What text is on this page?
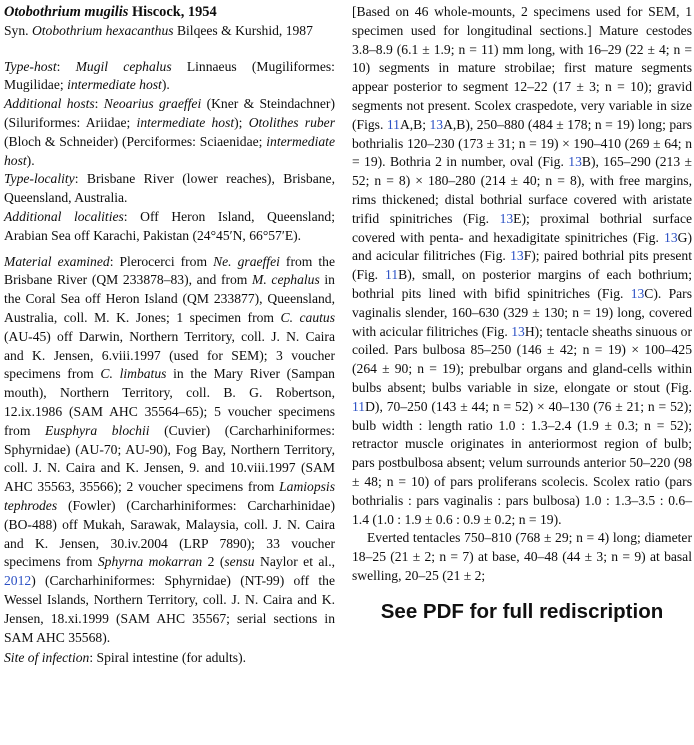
Otobothrium mugilis Hiscock, 1954

Syn. Otobothrium hexacanthus Bilqees & Kurshid, 1987

Type-host: Mugil cephalus Linnaeus (Mugiliformes: Mugilidae; intermediate host).

Additional hosts: Neoarius graeffei (Kner & Steindachner) (Siluriformes: Ariidae; intermediate host); Otolithes ruber (Bloch & Schneider) (Perciformes: Sciaenidae; intermediate host).

Type-locality: Brisbane River (lower reaches), Brisbane, Queensland, Australia.

Additional localities: Off Heron Island, Queensland; Arabian Sea off Karachi, Pakistan (24°45′N, 66°57′E).

Material examined: Plerocerci from Ne. graeffei from the Brisbane River (QM 233878–83), and from M. cephalus in the Coral Sea off Heron Island (QM 233877), Queensland, Australia, coll. M. K. Jones; 1 specimen from C. cautus (AU-45) off Darwin, Northern Territory, coll. J. N. Caira and K. Jensen, 6.viii.1997 (used for SEM); 3 voucher specimens from C. limbatus in the Mary River (Sampan mouth), Northern Territory, coll. B. G. Robertson, 12.ix.1986 (SAM AHC 35564–65); 5 voucher specimens from Eusphyra blochii (Cuvier) (Carcharhiniformes: Sphyrnidae) (AU-70; AU-90), Fog Bay, Northern Territory, coll. J. N. Caira and K. Jensen, 9. and 10.viii.1997 (SAM AHC 35563, 35566); 2 voucher specimens from Lamiopsis tephrodes (Fowler) (Carcharhiniformes: Carcharhinidae) (BO-488) off Mukah, Sarawak, Malaysia, coll. J. N. Caira and K. Jensen, 30.iv.2004 (LRP 7890); 33 voucher specimens from Sphyrna mokarran 2 (sensu Naylor et al., 2012) (Carcharhiniformes: Sphyrnidae) (NT-99) off the Wessel Islands, Northern Territory, coll. J. N. Caira and K. Jensen, 18.xi.1999 (SAM AHC 35567; serial sections in SAM AHC 35568).

Site of infection: Spiral intestine (for adults).

[Based on 46 whole-mounts, 2 specimens used for SEM, 1 specimen used for longitudinal sections.] Mature cestodes 3.8–8.9 (6.1 ± 1.9; n = 11) mm long, with 16–29 (22 ± 4; n = 10) segments in mature strobilae; first mature segments appear posterior to segment 12–22 (17 ± 3; n = 10); gravid segments not present. Scolex craspedote, very variable in size (Figs. 11A,B; 13A,B), 250–880 (484 ± 178; n = 19) long; pars bothrialis 120–230 (173 ± 31; n = 19) × 190–410 (269 ± 64; n = 19). Bothria 2 in number, oval (Fig. 13B), 165–290 (213 ± 52; n = 8) × 180–280 (214 ± 40; n = 8), with free margins, rims thickened; distal bothrial surface covered with aristate trifid spinitriches (Fig. 13E); proximal bothrial surface covered with penta- and hexadigitate spinitriches (Fig. 13G) and acicular filitriches (Fig. 13F); paired bothrial pits present (Fig. 11B), small, on posterior margins of each bothrium; bothrial pits lined with bifid spinitriches (Fig. 13C). Pars vaginalis slender, 160–630 (329 ± 130; n = 19) long, covered with acicular filitriches (Fig. 13H); tentacle sheaths sinuous or coiled. Pars bulbosa 85–250 (146 ± 42; n = 19) × 100–425 (264 ± 90; n = 19); prebulbar organs and gland-cells within bulbs absent; bulbs variable in size, elongate or stout (Fig. 11D), 70–250 (143 ± 44; n = 52) × 40–130 (76 ± 21; n = 52); bulb width : length ratio 1.0 : 1.3–2.4 (1.9 ± 0.3; n = 52); retractor muscle originates in anteriormost region of bulb; pars postbulbosa absent; velum surrounds anterior 50–220 (98 ± 48; n = 10) of pars proliferans scolecis. Scolex ratio (pars bothrialis : pars vaginalis : pars bulbosa) 1.0 : 1.3–3.5 : 0.6–1.4 (1.0 : 1.9 ± 0.6 : 0.9 ± 0.2; n = 19).

Everted tentacles 750–810 (768 ± 29; n = 4) long; diameter 18–25 (21 ± 2; n = 7) at base, 40–48 (44 ± 3; n = 9) at basal swelling, 20–25 (21 ± 2;

See PDF for full rediscription
